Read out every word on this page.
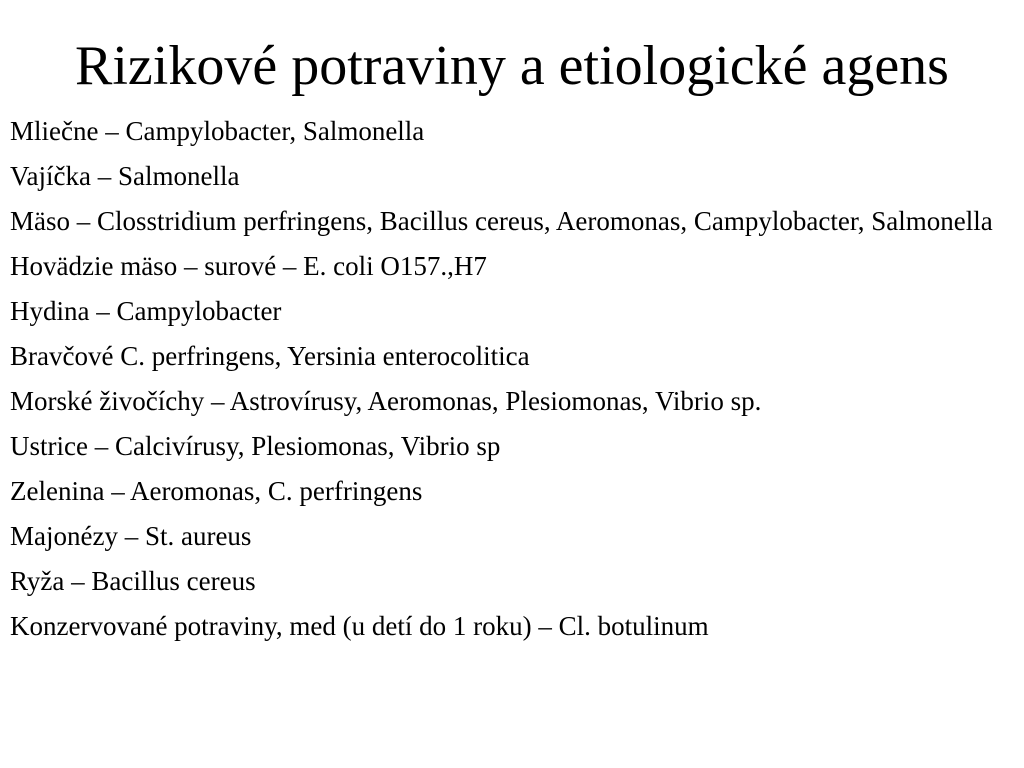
Rizikové potraviny a etiologické agens
Mliečne – Campylobacter, Salmonella
Vajíčka – Salmonella
Mäso – Closstridium perfringens, Bacillus cereus, Aeromonas, Campylobacter, Salmonella
Hovädzie mäso – surové – E. coli O157.,H7
Hydina – Campylobacter
Bravčové C. perfringens, Yersinia enterocolitica
Morské živočíchy – Astrovírusy, Aeromonas, Plesiomonas, Vibrio sp.
Ustrice – Calcivírusy, Plesiomonas, Vibrio sp
Zelenina – Aeromonas, C. perfringens
Majonézy – St. aureus
Ryža – Bacillus cereus
Konzervované potraviny, med (u detí do 1 roku) – Cl. botulinum
